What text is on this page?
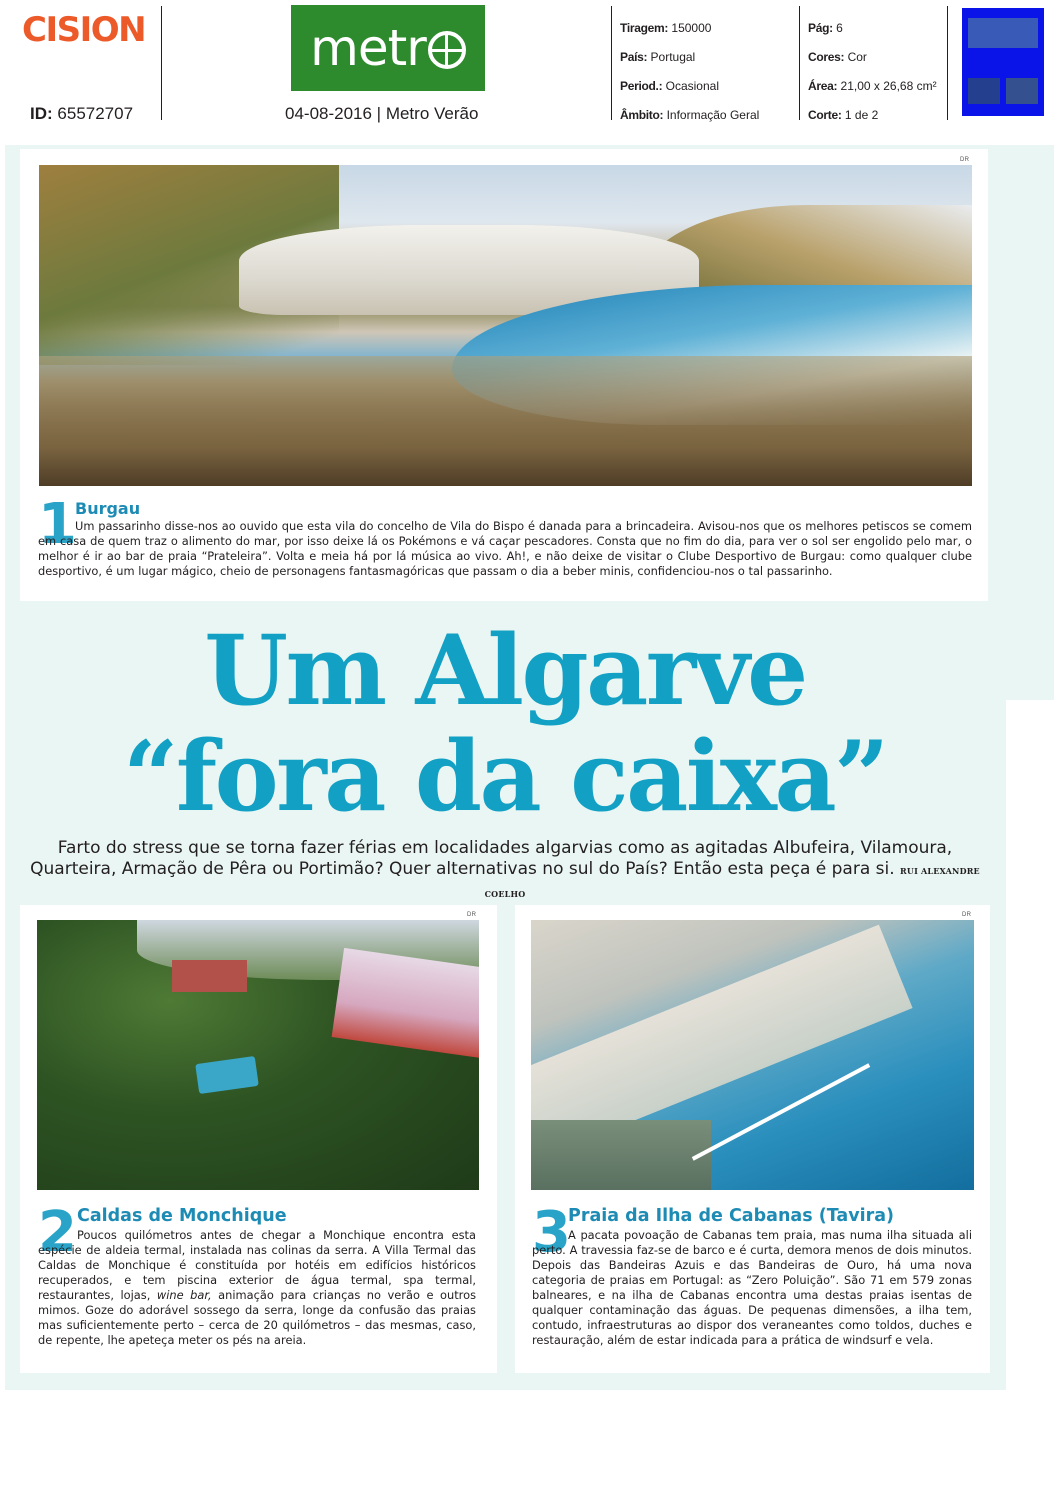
CISION
ID: 65572707
metr
04-08-2016 | Metro Verão
Tiragem: 150000
País: Portugal
Period.: Ocasional
Âmbito: Informação Geral
Pág: 6
Cores: Cor
Área: 21,00 x 26,68 cm²
Corte: 1 de 2
DR
1
Burgau
Um passarinho disse-nos ao ouvido que esta vila do concelho de Vila do Bispo é danada para a brincadeira. Avisou-nos que os melhores petiscos se comem em casa de quem traz o alimento do mar, por isso deixe lá os Pokémons e vá caçar pescadores. Consta que no fim do dia, para ver o sol ser engolido pelo mar, o melhor é ir ao bar de praia “Prateleira”. Volta e meia há por lá música ao vivo. Ah!, e não deixe de visitar o Clube Desportivo de Burgau: como qualquer clube desportivo, é um lugar mágico, cheio de personagens fantasmagóricas que passam o dia a beber minis, confidenciou-nos o tal passarinho.
Um Algarve
“fora da caixa”
Farto do stress que se torna fazer férias em localidades algarvias como as agitadas Albufeira, Vilamoura, Quarteira, Armação de Pêra ou Portimão? Quer alternativas no sul do País? Então esta peça é para si. RUI ALEXANDRE COELHO
DR
2 Caldas de Monchique
Poucos quilómetros antes de chegar a Monchique encontra esta espécie de aldeia termal, instalada nas colinas da serra. A Villa Termal das Caldas de Monchique é constituída por hotéis em edifícios históricos recuperados, e tem piscina exterior de água termal, spa termal, restaurantes, lojas, wine bar, animação para crianças no verão e outros mimos. Goze do adorável sossego da serra, longe da confusão das praias mas suficientemente perto – cerca de 20 quilómetros – das mesmas, caso, de repente, lhe apeteça meter os pés na areia.
DR
3
Praia da Ilha de Cabanas (Tavira)
A pacata povoação de Cabanas tem praia, mas numa ilha situada ali perto. A travessia faz-se de barco e é curta, demora menos de dois minutos. Depois das Bandeiras Azuis e das Bandeiras de Ouro, há uma nova categoria de praias em Portugal: as “Zero Poluição”. São 71 em 579 zonas balneares, e na ilha de Cabanas encontra uma destas praias isentas de qualquer contaminação das águas. De pequenas dimensões, a ilha tem, contudo, infraestruturas ao dispor dos veraneantes como toldos, duches e restauração, além de estar indicada para a prática de windsurf e vela.
